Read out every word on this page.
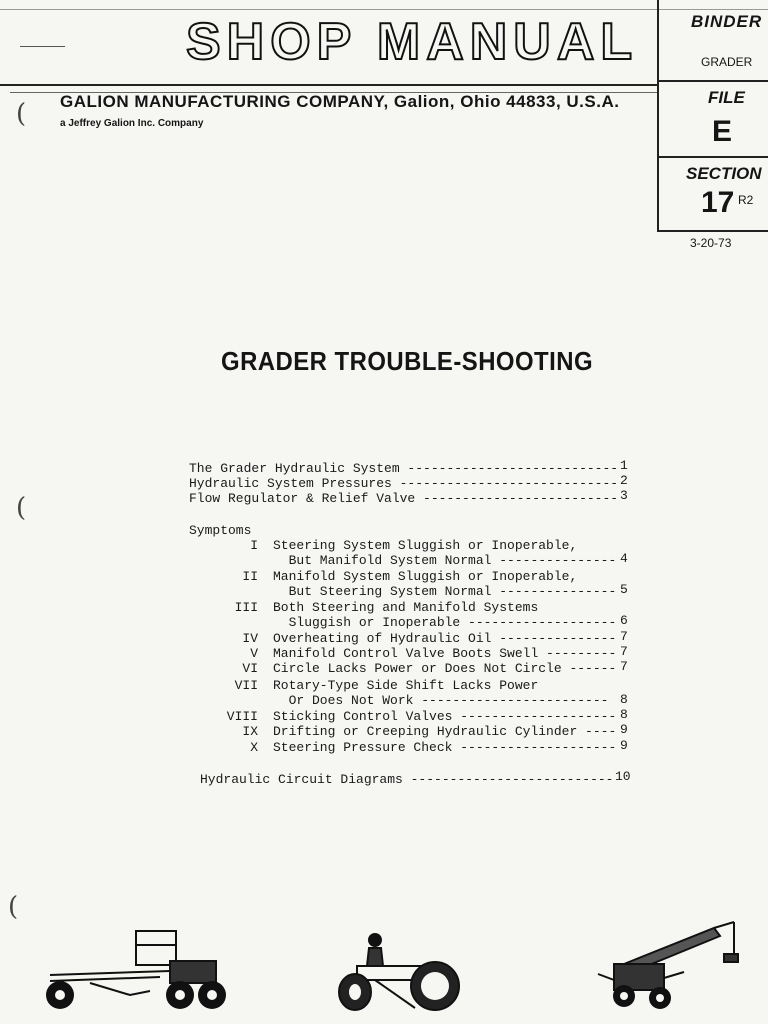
SHOP MANUAL
GALION MANUFACTURING COMPANY, Galion, Ohio 44833, U.S.A.
a Jeffrey Galion Inc. Company
BINDER
GRADER
FILE
E
SECTION
17 R2
3-20-73
GRADER TROUBLE-SHOOTING
The Grader Hydraulic System --------------------------- 1
Hydraulic System Pressures ---------------------------- 2
Flow Regulator & Relief Valve ------------------------- 3
Symptoms
I Steering System Sluggish or Inoperable,
But Manifold System Normal --------------- 4
II Manifold System Sluggish or Inoperable,
But Steering System Normal --------------- 5
III Both Steering and Manifold Systems
Sluggish or Inoperable ------------------- 6
IV Overheating of Hydraulic Oil --------------- 7
V Manifold Control Valve Boots Swell --------- 7
VI Circle Lacks Power or Does Not Circle ------ 7
VII Rotary-Type Side Shift Lacks Power
Or Does Not Work ------------------------ 8
VIII Sticking Control Valves -------------------- 8
IX Drifting or Creeping Hydraulic Cylinder ---- 9
X Steering Pressure Check -------------------- 9
Hydraulic Circuit Diagrams -------------------------- 10
(
(
(
